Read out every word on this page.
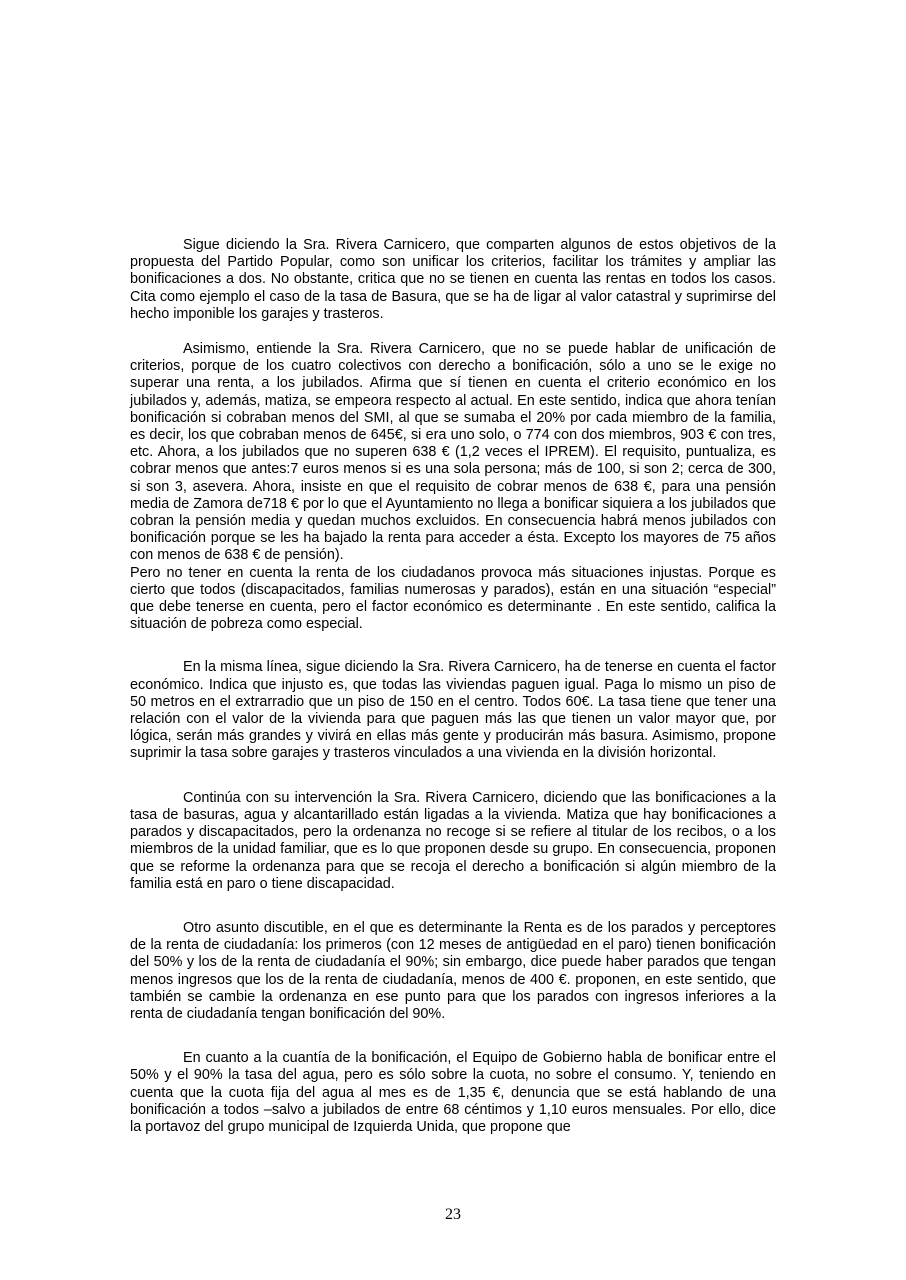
Sigue diciendo la Sra. Rivera Carnicero, que comparten algunos de estos objetivos de la propuesta del Partido Popular, como son unificar los criterios, facilitar los trámites y ampliar las bonificaciones a dos. No obstante, critica que no se tienen en cuenta las rentas en todos los casos. Cita como ejemplo el caso de la tasa de Basura, que se ha de ligar al valor catastral y suprimirse del hecho imponible los garajes y trasteros.

Asimismo, entiende la Sra. Rivera Carnicero, que no se puede hablar de unificación de criterios, porque de los cuatro colectivos con derecho a bonificación, sólo a uno se le exige no superar una renta, a los jubilados. Afirma que sí tienen en cuenta el criterio económico en los jubilados y, además, matiza, se empeora respecto al actual. En este sentido, indica que ahora tenían bonificación si cobraban menos del SMI, al que se sumaba el 20% por cada miembro de la familia, es decir, los que cobraban menos de 645€, si era uno solo, o 774 con dos miembros, 903 € con tres, etc. Ahora, a los jubilados que no superen 638 € (1,2 veces el IPREM). El requisito, puntualiza, es cobrar menos que antes:7 euros menos si es una sola persona; más de 100, si son 2; cerca de 300, si son 3, asevera. Ahora, insiste en que el requisito de cobrar menos de 638 €, para una pensión media de Zamora de718 € por lo que el Ayuntamiento no llega a bonificar siquiera a los jubilados que cobran la pensión media y quedan muchos excluidos. En consecuencia habrá menos jubilados con bonificación porque se les ha bajado la renta para acceder a ésta. Excepto los mayores de 75 años con menos de 638 € de pensión).

Pero no tener en cuenta la renta de los ciudadanos provoca más situaciones injustas. Porque es cierto que todos (discapacitados, familias numerosas y parados), están en una situación “especial” que debe tenerse en cuenta, pero el factor económico es determinante . En este sentido, califica la situación de pobreza como especial.

En la misma línea, sigue diciendo la Sra. Rivera Carnicero, ha de tenerse en cuenta el factor económico. Indica que injusto es, que todas las viviendas paguen igual. Paga lo mismo un piso de 50 metros en el extrarradio que un piso de 150 en el centro. Todos 60€. La tasa tiene que tener una relación con el valor de la vivienda para que paguen más las que tienen un valor mayor que, por lógica, serán más grandes y vivirá en ellas más gente y producirán más basura. Asimismo, propone suprimir la tasa sobre garajes y trasteros vinculados a una vivienda en la división horizontal.

Continúa con su intervención la Sra. Rivera Carnicero, diciendo que las bonificaciones a la tasa de basuras, agua y alcantarillado están ligadas a la vivienda. Matiza que hay bonificaciones a parados y discapacitados, pero la ordenanza no recoge si se refiere al titular de los recibos, o a los miembros de la unidad familiar, que es lo que proponen desde su grupo. En consecuencia, proponen que se reforme la ordenanza para que se recoja el derecho a bonificación si algún miembro de la familia está en paro o tiene discapacidad.

Otro asunto discutible, en el que es determinante la Renta es de los parados y perceptores de la renta de ciudadanía: los primeros (con 12 meses de antigüedad en el paro) tienen bonificación del 50% y los de la renta de ciudadanía el 90%; sin embargo, dice puede haber parados que tengan menos ingresos que los de la renta de ciudadanía, menos de 400 €. proponen, en este sentido, que también se cambie la ordenanza en ese punto para que los parados con ingresos inferiores a la renta de ciudadanía tengan bonificación del 90%.

En cuanto a la cuantía de la bonificación, el Equipo de Gobierno habla de bonificar entre el 50% y el 90% la tasa del agua, pero es sólo sobre la cuota, no sobre el consumo. Y, teniendo en cuenta que la cuota fija del agua al mes es de 1,35 €, denuncia que se está hablando de una bonificación a todos –salvo a jubilados de entre 68 céntimos y 1,10 euros mensuales. Por ello, dice la portavoz del grupo municipal de Izquierda Unida, que propone que

23
